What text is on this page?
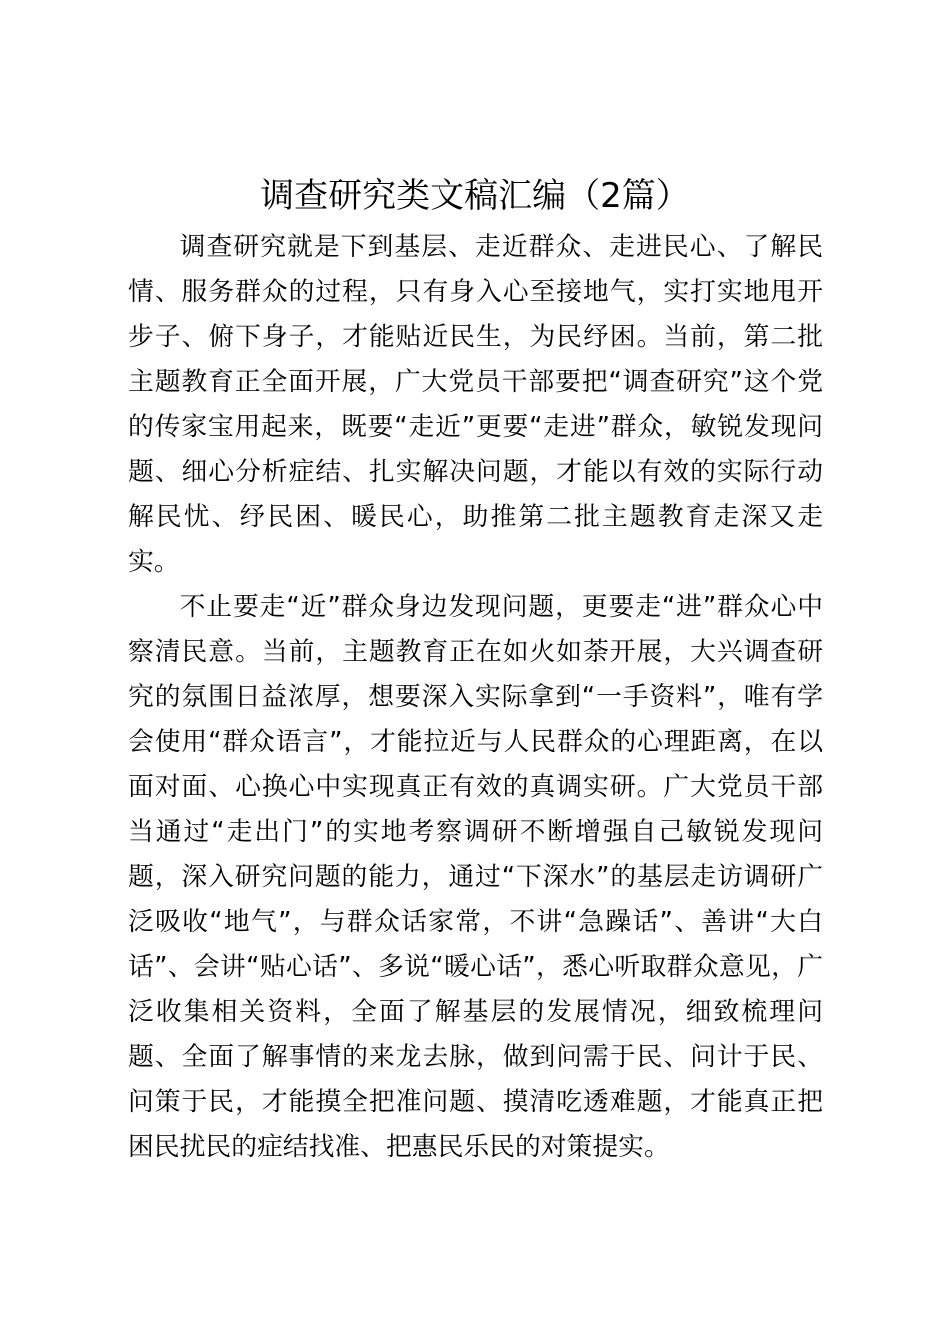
调查研究类文稿汇编（2篇）

调查研究就是下到基层、走近群众、走进民心、了解民情、服务群众的过程，只有身入心至接地气，实打实地甩开步子、俯下身子，才能贴近民生，为民纾困。当前，第二批主题教育正全面开展，广大党员干部要把“调查研究”这个党的传家宝用起来，既要“走近”更要“走进”群众，敏锐发现问题、细心分析症结、扎实解决问题，才能以有效的实际行动解民忧、纾民困、暖民心，助推第二批主题教育走深又走实。

不止要走“近”群众身边发现问题，更要走“进”群众心中察清民意。当前，主题教育正在如火如荼开展，大兴调查研究的氛围日益浓厚，想要深入实际拿到“一手资料”，唯有学会使用“群众语言”，才能拉近与人民群众的心理距离，在以面对面、心换心中实现真正有效的真调实研。广大党员干部当通过“走出门”的实地考察调研不断增强自己敏锐发现问题，深入研究问题的能力，通过“下深水”的基层走访调研广泛吸收“地气”，与群众话家常，不讲“急躁话”、善讲“大白话”、会讲“贴心话”、多说“暖心话”，悉心听取群众意见，广泛收集相关资料，全面了解基层的发展情况，细致梳理问题、全面了解事情的来龙去脉，做到问需于民、问计于民、问策于民，才能摸全把准问题、摸清吃透难题，才能真正把困民扰民的症结找准、把惠民乐民的对策提实。
